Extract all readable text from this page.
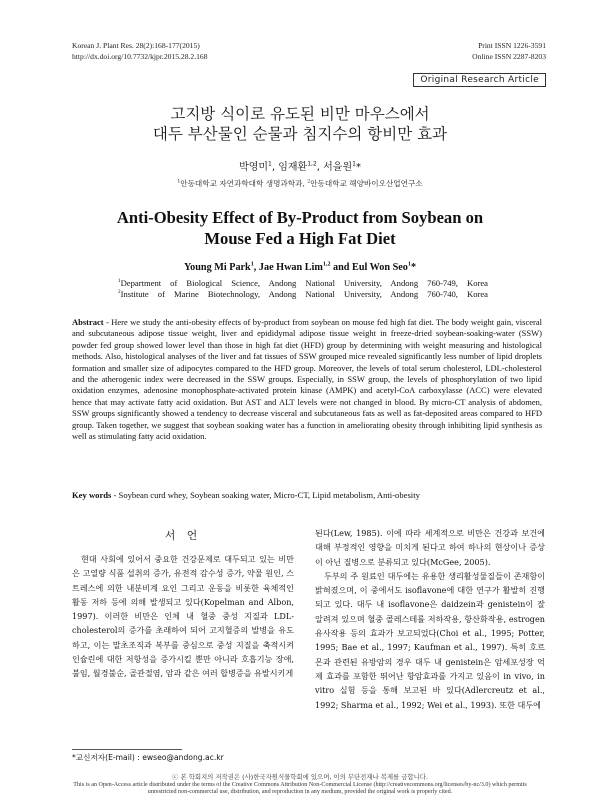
Korean J. Plant Res. 28(2):168-177(2015)
http://dx.doi.org/10.7732/kjpr.2015.28.2.168
Print ISSN 1226-3591
Online ISSN 2287-8203
Original Research Article
고지방 식이로 유도된 비만 마우스에서
대두 부산물인 순물과 침지수의 항비만 효과
박영미$^1$, 임재환$^{1,2}$, 서을원$^1$*
$^1$안동대학교 자연과학대학 생명과학과, $^2$안동대학교 해양바이오산업연구소
Anti-Obesity Effect of By-Product from Soybean on
Mouse Fed a High Fat Diet
Young Mi Park$^1$, Jae Hwan Lim$^{1,2}$ and Eul Won Seo$^1$*
$^1$Department of Biological Science, Andong National University, Andong 760-749, Korea
$^2$Institute of Marine Biotechnology, Andong National University, Andong 760-740, Korea
Abstract - Here we study the anti-obesity effects of by-product from soybean on mouse fed high fat diet. The body weight gain, visceral and subcutaneous adipose tissue weight, liver and epididymal adipose tissue weight in freeze-dried soybean-soaking-water (SSW) powder fed group showed lower level than those in high fat diet (HFD) group by determining with weight measuring and histological methods. Also, histological analyses of the liver and fat tissues of SSW grouped mice revealed significantly less number of lipid droplets formation and smaller size of adipocytes compared to the HFD group. Moreover, the levels of total serum cholesterol, LDL-cholesterol and the atherogenic index were decreased in the SSW groups. Especially, in SSW group, the levels of phosphorylation of two lipid oxidation enzymes, adenosine monophosphate-activated protein kinase (AMPK) and acetyl-CoA carboxylasse (ACC) were elevated hence that may activate fatty acid oxidation. But AST and ALT levels were not changed in blood. By micro-CT analysis of abdomen, SSW groups significantly showed a tendency to decrease visceral and subcutaneous fats as well as fat-deposited areas compared to HFD group. Taken together, we suggest that soybean soaking water has a function in ameliorating obesity through inhibiting lipid synthesis as well as stimulating fatty acid oxidation.
Key words - Soybean curd whey, Soybean soaking water, Micro-CT, Lipid metabolism, Anti-obesity
서 언

현대 사회에 있어서 중요한 건강문제로 대두되고 있는 비만은 고열량 식품 섭취의 증가, 유전적 감수성 증가, 약물 원인, 스트레스에 의한 내분비계 요인 그리고 운동을 비롯한 육체적인 활동 저하 등에 의해 발생되고 있다(Kopelman and Albon, 1997). 이러한 비만은 인체 내 혈중 중성 지질과 LDL-cholesterol의 증가를 초래하여 되어 고지혈증의 발병을 유도하고, 이는 말초조직과 복부를 중심으로 중성 지질을 축적시켜 인슐린에 대한 저항성을 증가시킬 뿐만 아니라 호흡기능 장애, 불임, 월경불순, 골관절염, 암과 같은 여러 합병증을 유발시키게

된다(Lew, 1985). 이에 따라 세계적으로 비만은 건강과 보건에 대해 부정적인 영향을 미치게 된다고 하여 하나의 현상이나 증상이 아닌 질병으로 분류되고 있다(McGee, 2005).

두부의 주 원료인 대두에는 유용한 생리활성물질들이 존재함이 밝혀졌으며, 이 중에서도 isoflavone에 대한 연구가 활발히 진행되고 있다. 대두 내 isoflavone은 daidzein과 genistein이 잘 알려져 있으며 혈중 콜레스테롤 저하작용, 항산화작용, estrogen 유사작용 등의 효과가 보고되었다(Choi et al., 1995; Potter, 1995; Bae et al., 1997; Kaufman et al., 1997). 특히 호르몬과 관련된 유방암의 경우 대두 내 genistein은 암세포성장 억제 효과를 포함한 뛰어난 항암효과를 가지고 있음이 in vivo, in vitro 실험 등을 통해 보고된 바 있다(Adlercreutz et al., 1992; Sharma et al., 1992; Wei et al., 1993). 또한 대두에

*교신저자(E-mail) : ewseo@andong.ac.kr
ⓒ 본 학회지의 저작권은 (사)한국자원식물학회에 있으며, 이의 무단전재나 복제를 금합니다.
This is an Open-Access article distributed under the terms of the Creative Commons Attribution Non-Commercial License (http://creativecommons.org/licenses/by-nc/3.0) which permits unrestricted non-commercial use, distribution, and reproduction in any medium, provided the original work is properly cited.
